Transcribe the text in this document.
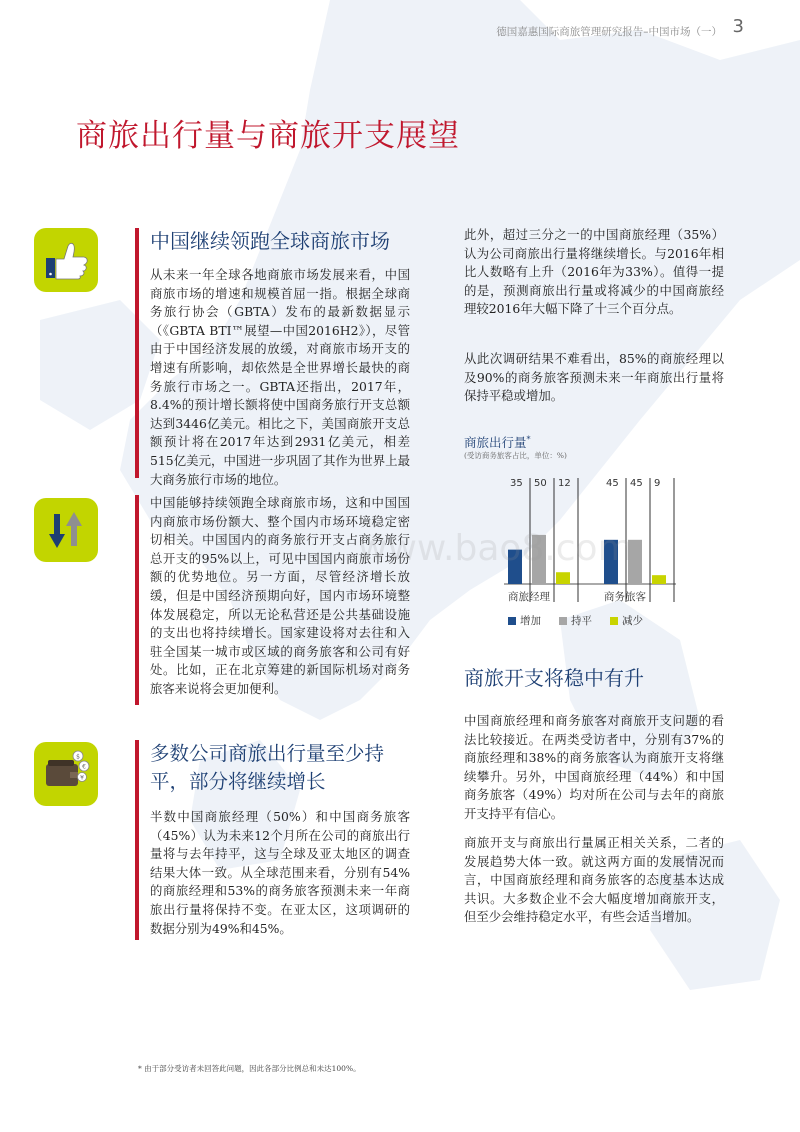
德国嘉惠国际商旅管理研究报告–中国市场（一） 3
商旅出行量与商旅开支展望
$
€
¥
中国继续领跑全球商旅市场
从未来一年全球各地商旅市场发展来看，中国商旅市场的增速和规模首屈一指。根据全球商务旅行协会（GBTA）发布的最新数据显示（《GBTA BTI™展望—中国2016H2》），尽管由于中国经济发展的放缓，对商旅市场开支的增速有所影响，却依然是全世界增长最快的商务旅行市场之一。GBTA还指出，2017年，8.4%的预计增长额将使中国商务旅行开支总额达到3446亿美元。相比之下，美国商旅开支总额预计将在2017年达到2931亿美元，相差515亿美元，中国进一步巩固了其作为世界上最大商务旅行市场的地位。
中国能够持续领跑全球商旅市场，这和中国国内商旅市场份额大、整个国内市场环境稳定密切相关。中国国内的商务旅行开支占商务旅行总开支的95%以上，可见中国国内商旅市场份额的优势地位。另一方面，尽管经济增长放缓，但是中国经济预期向好，国内市场环境整体发展稳定，所以无论私营还是公共基础设施的支出也将持续增长。国家建设将对去往和入驻全国某一城市或区域的商务旅客和公司有好处。比如，正在北京筹建的新国际机场对商务旅客来说将会更加便利。
多数公司商旅出行量至少持平，部分将继续增长
半数中国商旅经理（50%）和中国商务旅客（45%）认为未来12个月所在公司的商旅出行量将与去年持平，这与全球及亚太地区的调查结果大体一致。从全球范围来看，分别有54%的商旅经理和53%的商务旅客预测未来一年商旅出行量将保持不变。在亚太区，这项调研的数据分别为49%和45%。
此外，超过三分之一的中国商旅经理（35%）认为公司商旅出行量将继续增长。与2016年相比人数略有上升（2016年为33%）。值得一提的是，预测商旅出行量或将减少的中国商旅经理较2016年大幅下降了十三个百分点。
从此次调研结果不难看出，85%的商旅经理以及90%的商务旅客预测未来一年商旅出行量将保持平稳或增加。
商旅出行量*
(受访商务旅客占比，单位：%)
35 50 12
商旅经理
45 45 9
商务旅客
增加	持平	减少
商旅开支将稳中有升
中国商旅经理和商务旅客对商旅开支问题的看法比较接近。在两类受访者中，分别有37%的商旅经理和38%的商务旅客认为商旅开支将继续攀升。另外，中国商旅经理（44%）和中国商务旅客（49%）均对所在公司与去年的商旅开支持平有信心。
商旅开支与商旅出行量属正相关关系，二者的发展趋势大体一致。就这两方面的发展情况而言，中国商旅经理和商务旅客的态度基本达成共识。大多数企业不会大幅度增加商旅开支，但至少会维持稳定水平，有些会适当增加。
* 由于部分受访者未回答此问题，因此各部分比例总和未达100%。
www.bao8.com
